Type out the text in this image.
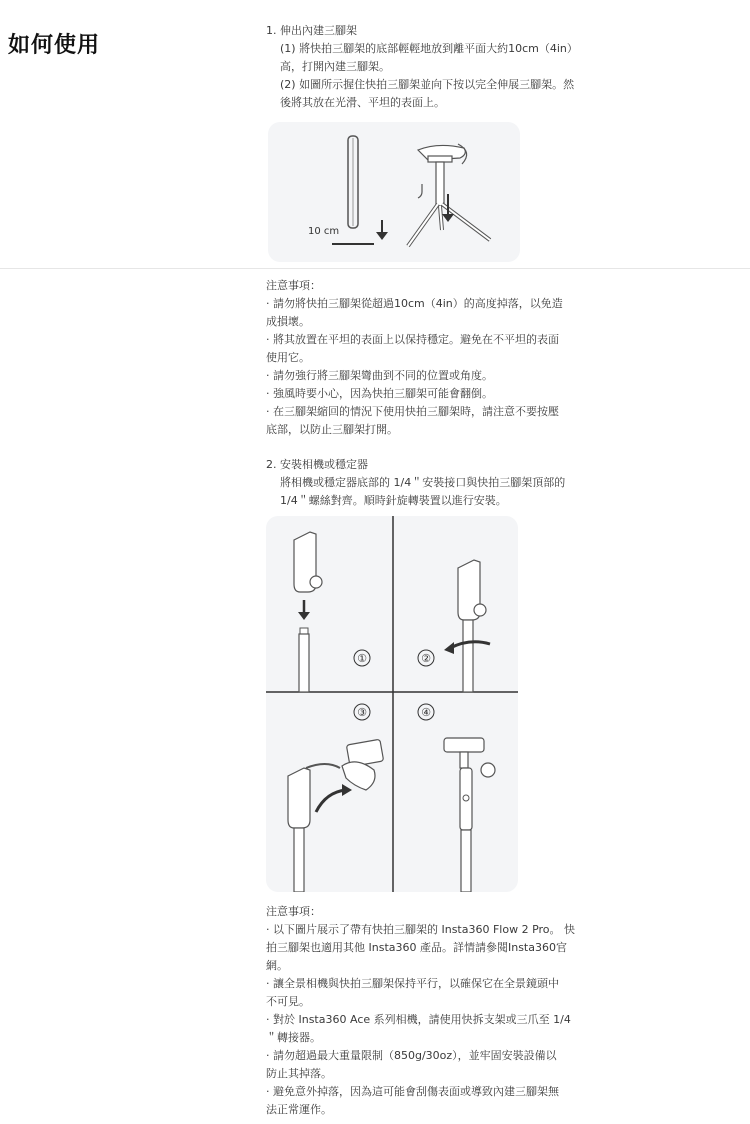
如何使用

1. 伸出內建三腳架

(1) 將快拍三腳架的底部輕輕地放到離平面大約10cm（4in）

高，打開內建三腳架。

(2) 如圖所示握住快拍三腳架並向下按以完全伸展三腳架。然

後將其放在光滑、平坦的表面上。

10 cm

注意事項：

· 請勿將快拍三腳架從超過10cm（4in）的高度掉落，以免造

成損壞。

· 將其放置在平坦的表面上以保持穩定。避免在不平坦的表面

使用它。

· 請勿強行將三腳架彎曲到不同的位置或角度。

· 強風時要小心，因為快拍三腳架可能會翻倒。

· 在三腳架縮回的情況下使用快拍三腳架時，請注意不要按壓

底部，以防止三腳架打開。

2. 安裝相機或穩定器

將相機或穩定器底部的 1/4＂安裝接口與快拍三腳架頂部的

1/4＂螺絲對齊。順時針旋轉裝置以進行安裝。

①	②
③	④

注意事項：

· 以下圖片展示了帶有快拍三腳架的 Insta360 Flow 2 Pro。 快

拍三腳架也適用其他 Insta360 產品。詳情請參閱Insta360官

網。

· 讓全景相機與快拍三腳架保持平行，以確保它在全景鏡頭中

不可見。

· 對於 Insta360 Ace 系列相機，請使用快拆支架或三爪至 1/4

＂轉接器。

· 請勿超過最大重量限制（850g/30oz），並牢固安裝設備以

防止其掉落。

· 避免意外掉落，因為這可能會刮傷表面或導致內建三腳架無

法正常運作。
